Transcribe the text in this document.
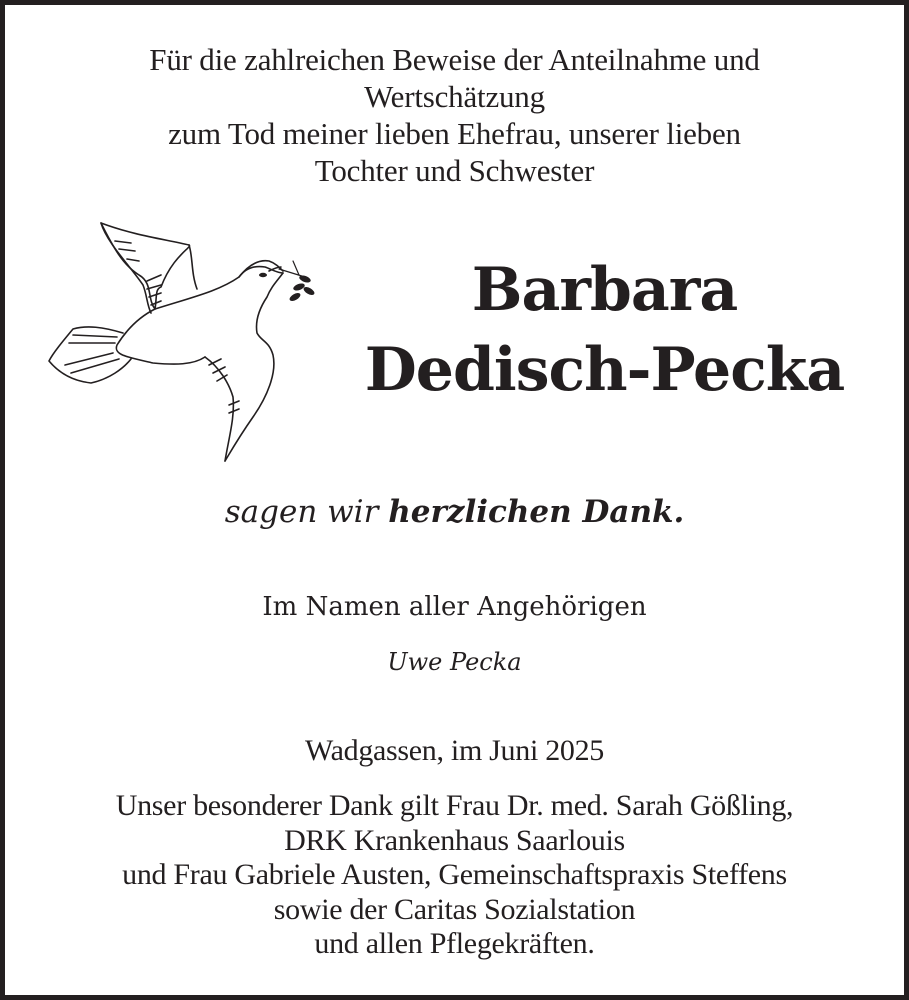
Für die zahlreichen Beweise der Anteilnahme und
Wertschätzung
zum Tod meiner lieben Ehefrau, unserer lieben
Tochter und Schwester
Barbara
Dedisch-Pecka
sagen wir herzlichen Dank.
Im Namen aller Angehörigen
Uwe Pecka
Wadgassen, im Juni 2025
Unser besonderer Dank gilt Frau Dr. med. Sarah Gößling,
DRK Krankenhaus Saarlouis
und Frau Gabriele Austen, Gemeinschaftspraxis Steffens
sowie der Caritas Sozialstation
und allen Pflegekräften.
